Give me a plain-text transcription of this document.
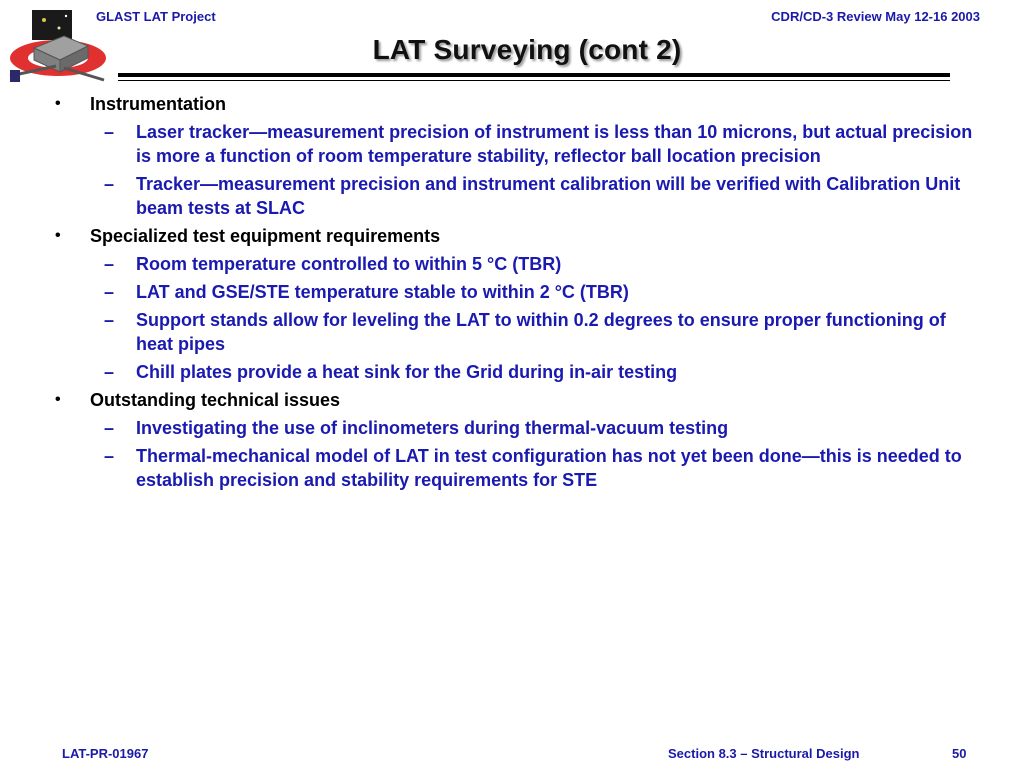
GLAST LAT Project	CDR/CD-3 Review May 12-16 2003
LAT Surveying (cont 2)
• Instrumentation
– Laser tracker—measurement precision of instrument is less than 10 microns, but actual precision is more a function of room temperature stability, reflector ball location precision
– Tracker—measurement precision and instrument calibration will be verified with Calibration Unit beam tests at SLAC
• Specialized test equipment requirements
– Room temperature controlled to within 5 °C (TBR)
– LAT and GSE/STE temperature stable to within 2 °C (TBR)
– Support stands allow for leveling the LAT to within 0.2 degrees to ensure proper functioning of heat pipes
– Chill plates provide a heat sink for the Grid during in-air testing
• Outstanding technical issues
– Investigating the use of inclinometers during thermal-vacuum testing
– Thermal-mechanical model of LAT in test configuration has not yet been done—this is needed to establish precision and stability requirements for STE
LAT-PR-01967	Section 8.3 – Structural Design	50
